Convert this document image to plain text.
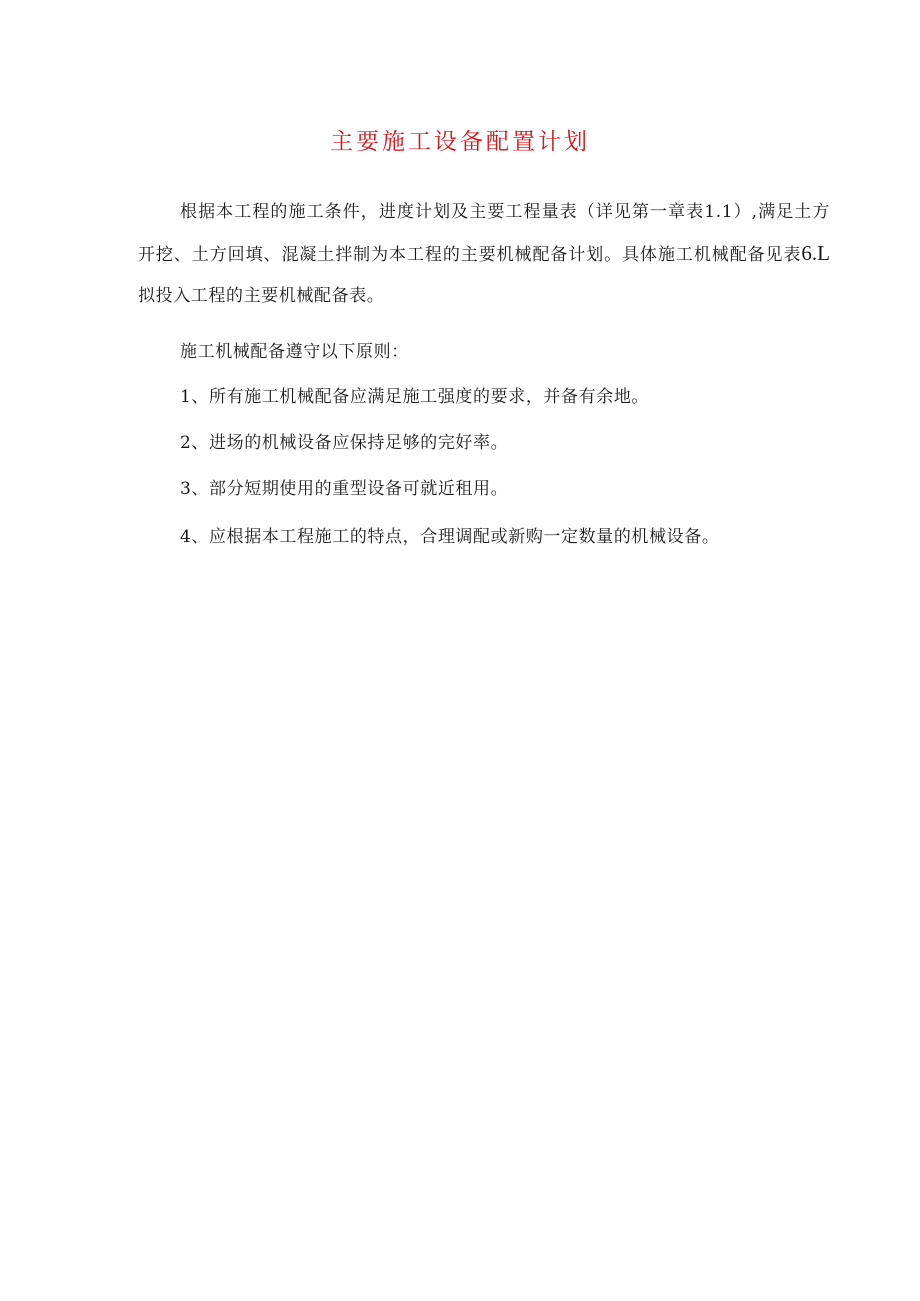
主要施工设备配置计划

根据本工程的施工条件，进度计划及主要工程量表（详见第一章表1.1）,满足土方开挖、土方回填、混凝土拌制为本工程的主要机械配备计划。具体施工机械配备见表6.L拟投入工程的主要机械配备表。

施工机械配备遵守以下原则：

1、所有施工机械配备应满足施工强度的要求，并备有余地。

2、进场的机械设备应保持足够的完好率。

3、部分短期使用的重型设备可就近租用。

4、应根据本工程施工的特点，合理调配或新购一定数量的机械设备。
